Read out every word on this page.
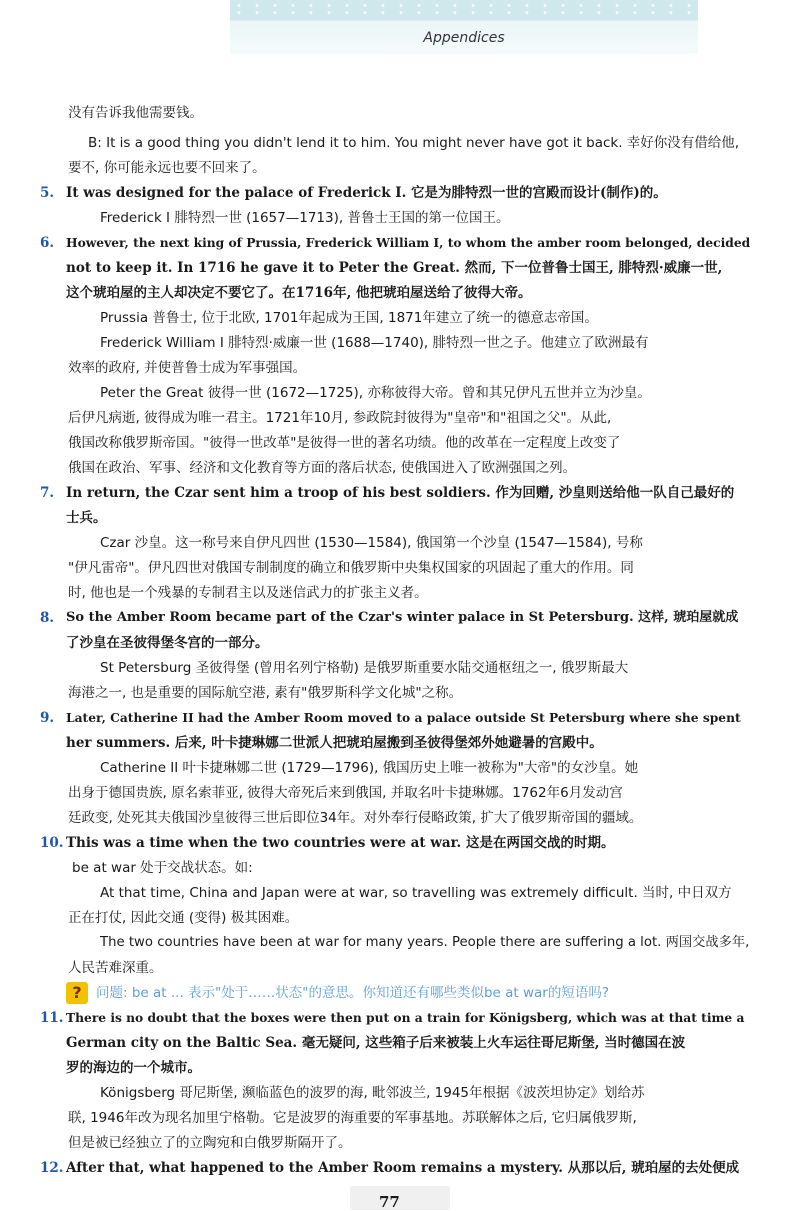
Appendices
没有告诉我他需要钱。
B: It is a good thing you didn't lend it to him. You might never have got it back. 幸好你没有借给他,
要不, 你可能永远也要不回来了。
5. It was designed for the palace of Frederick I. 它是为腓特烈一世的宫殿而设计(制作)的。
Frederick I 腓特烈一世 (1657—1713), 普鲁士王国的第一位国王。
6. However, the next king of Prussia, Frederick William I, to whom the amber room belonged, decided
not to keep it. In 1716 he gave it to Peter the Great. 然而, 下一位普鲁士国王, 腓特烈·威廉一世,
这个琥珀屋的主人却决定不要它了。在1716年, 他把琥珀屋送给了彼得大帝。
Prussia 普鲁士, 位于北欧, 1701年起成为王国, 1871年建立了统一的德意志帝国。
Frederick William I 腓特烈·威廉一世 (1688—1740), 腓特烈一世之子。他建立了欧洲最有
效率的政府, 并使普鲁士成为军事强国。
Peter the Great 彼得一世 (1672—1725), 亦称彼得大帝。曾和其兄伊凡五世并立为沙皇。
后伊凡病逝, 彼得成为唯一君主。1721年10月, 参政院封彼得为"皇帝"和"祖国之父"。从此,
俄国改称俄罗斯帝国。"彼得一世改革"是彼得一世的著名功绩。他的改革在一定程度上改变了
俄国在政治、军事、经济和文化教育等方面的落后状态, 使俄国进入了欧洲强国之列。
7. In return, the Czar sent him a troop of his best soldiers. 作为回赠, 沙皇则送给他一队自己最好的
士兵。
Czar 沙皇。这一称号来自伊凡四世 (1530—1584), 俄国第一个沙皇 (1547—1584), 号称
"伊凡雷帝"。伊凡四世对俄国专制制度的确立和俄罗斯中央集权国家的巩固起了重大的作用。同
时, 他也是一个残暴的专制君主以及迷信武力的扩张主义者。
8. So the Amber Room became part of the Czar's winter palace in St Petersburg. 这样, 琥珀屋就成
了沙皇在圣彼得堡冬宫的一部分。
St Petersburg 圣彼得堡 (曾用名列宁格勒) 是俄罗斯重要水陆交通枢纽之一, 俄罗斯最大
海港之一, 也是重要的国际航空港, 素有"俄罗斯科学文化城"之称。
9. Later, Catherine II had the Amber Room moved to a palace outside St Petersburg where she spent
her summers. 后来, 叶卡捷琳娜二世派人把琥珀屋搬到圣彼得堡郊外她避暑的宫殿中。
Catherine II 叶卡捷琳娜二世 (1729—1796), 俄国历史上唯一被称为"大帝"的女沙皇。她
出身于德国贵族, 原名索菲亚, 彼得大帝死后来到俄国, 并取名叶卡捷琳娜。1762年6月发动宫
廷政变, 处死其夫俄国沙皇彼得三世后即位34年。对外奉行侵略政策, 扩大了俄罗斯帝国的疆域。
10. This was a time when the two countries were at war. 这是在两国交战的时期。
be at war 处于交战状态。如:
At that time, China and Japan were at war, so travelling was extremely difficult. 当时, 中日双方
正在打仗, 因此交通 (变得) 极其困难。
The two countries have been at war for many years. People there are suffering a lot. 两国交战多年,
人民苦难深重。
?	问题: be at ... 表示"处于……状态"的意思。你知道还有哪些类似be at war的短语吗?
11. There is no doubt that the boxes were then put on a train for Königsberg, which was at that time a
German city on the Baltic Sea. 毫无疑问, 这些箱子后来被装上火车运往哥尼斯堡, 当时德国在波
罗的海边的一个城市。
Königsberg 哥尼斯堡, 濒临蓝色的波罗的海, 毗邻波兰, 1945年根据《波茨坦协定》划给苏
联, 1946年改为现名加里宁格勒。它是波罗的海重要的军事基地。苏联解体之后, 它归属俄罗斯,
但是被已经独立了的立陶宛和白俄罗斯隔开了。
12. After that, what happened to the Amber Room remains a mystery. 从那以后, 琥珀屋的去处便成
77
